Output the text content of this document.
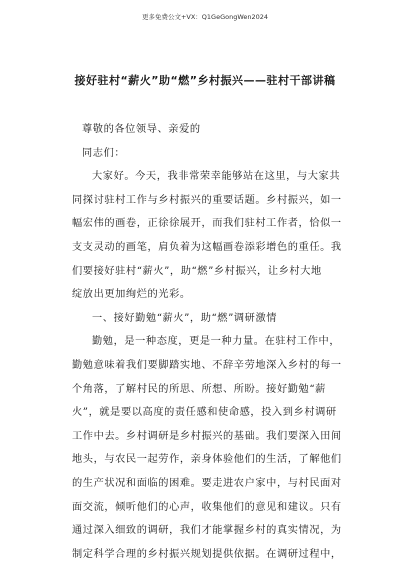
更多免费公文+VX：Q1GeGongWen2024
接好驻村“薪火”助“燃”乡村振兴——驻村干部讲稿
尊敬的各位领导、亲爱的
同志们：
大家好。今天，我非常荣幸能够站在这里，与大家共
同探讨驻村工作与乡村振兴的重要话题。乡村振兴，如一
幅宏伟的画卷，正徐徐展开，而我们驻村工作者，恰似一
支支灵动的画笔，肩负着为这幅画卷添彩增色的重任。我
们要接好驻村“薪火”，助“燃”乡村振兴，让乡村大地
绽放出更加绚烂的光彩。
一、接好勤勉“薪火”，助“燃”调研激情
勤勉，是一种态度，更是一种力量。在驻村工作中，
勤勉意味着我们要脚踏实地、不辞辛劳地深入乡村的每一
个角落，了解村民的所思、所想、所盼。接好勤勉“薪
火”，就是要以高度的责任感和使命感，投入到乡村调研
工作中去。乡村调研是乡村振兴的基础。我们要深入田间
地头，与农民一起劳作，亲身体验他们的生活，了解他们
的生产状况和面临的困难。要走进农户家中，与村民面对
面交流，倾听他们的心声，收集他们的意见和建议。只有
通过深入细致的调研，我们才能掌握乡村的真实情况，为
制定科学合理的乡村振兴规划提供依据。在调研过程中，
